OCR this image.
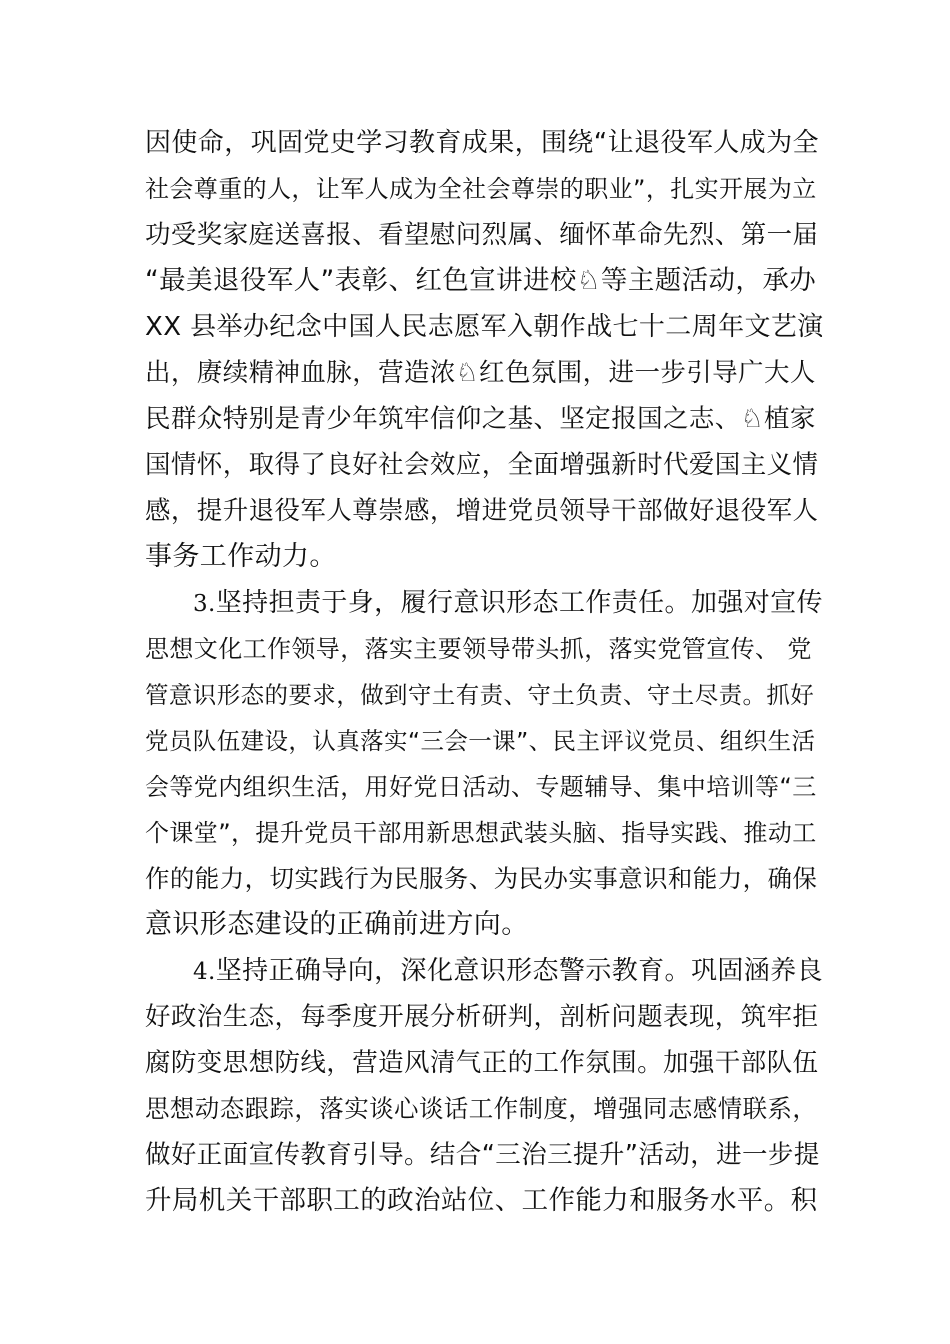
因使命，巩固党史学习教育成果，围绕“让退役军人成为全
社会尊重的人，让军人成为全社会尊崇的职业”，扎实开展为立
功受奖家庭送喜报、看望慰问烈属、缅怀革命先烈、第一届
“最美退役军人”表彰、红色宣讲进校♘等主题活动，承办
XX 县举办纪念中国人民志愿军入朝作战七十二周年文艺演
出，赓续精神血脉，营造浓♘红色氛围，进一步引导广大人
民群众特别是青少年筑牢信仰之基、坚定报国之志、♘植家
国情怀，取得了良好社会效应，全面增强新时代爱国主义情
感，提升退役军人尊崇感，增进党员领导干部做好退役军人
事务工作动力。
3.坚持担责于身，履行意识形态工作责任。加强对宣传
思想文化工作领导，落实主要领导带头抓，落实党管宣传、 党
管意识形态的要求，做到守土有责、守土负责、守土尽责。抓好
党员队伍建设，认真落实“三会一课”、民主评议党员、组织生活
会等党内组织生活，用好党日活动、专题辅导、集中培训等“三
个课堂”，提升党员干部用新思想武装头脑、指导实践、推动工
作的能力，切实践行为民服务、为民办实事意识和能力，确保
意识形态建设的正确前进方向。
4.坚持正确导向，深化意识形态警示教育。巩固涵养良
好政治生态，每季度开展分析研判，剖析问题表现，筑牢拒
腐防变思想防线，营造风清气正的工作氛围。加强干部队伍
思想动态跟踪，落实谈心谈话工作制度，增强同志感情联系，
做好正面宣传教育引导。结合“三治三提升”活动，进一步提
升局机关干部职工的政治站位、工作能力和服务水平。积
